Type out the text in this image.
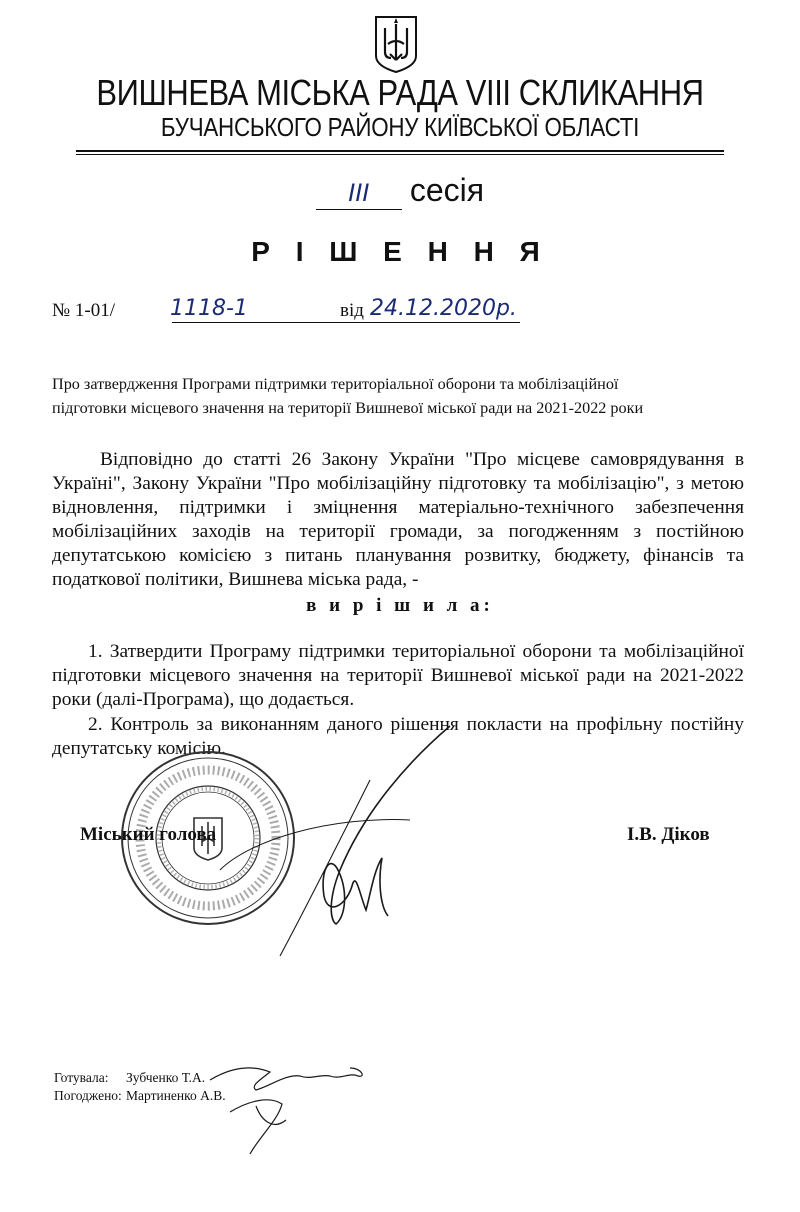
ВИШНЕВА МІСЬКА РАДА VIII СКЛИКАННЯ
БУЧАНСЬКОГО РАЙОНУ КИЇВСЬКОЇ ОБЛАСТІ
III сесія
Р І Ш Е Н Н Я
№ 1-01/	1118-1	від 24.12.2020р.
Про затвердження Програми підтримки територіальної оборони та мобілізаційної
підготовки місцевого значення на території Вишневої міської ради на 2021-2022 роки
Відповідно до статті 26 Закону України "Про місцеве самоврядування в Україні", Закону України "Про мобілізаційну підготовку та мобілізацію", з метою відновлення, підтримки і зміцнення матеріально-технічного забезпечення мобілізаційних заходів на території громади, за погодженням з постійною депутатською комісією з питань планування розвитку, бюджету, фінансів та податкової політики, Вишнева міська рада, -
в и р і ш и л а:
1. Затвердити Програму підтримки територіальної оборони та мобілізаційної підготовки місцевого значення на території Вишневої міської ради на 2021-2022 роки (далі-Програма), що додається.
2. Контроль за виконанням даного рішення покласти на профільну постійну депутатську комісію.
Міський голова	І.В. Діков
Готувала: Зубченко Т.А.
Погоджено: Мартиненко А.В.
